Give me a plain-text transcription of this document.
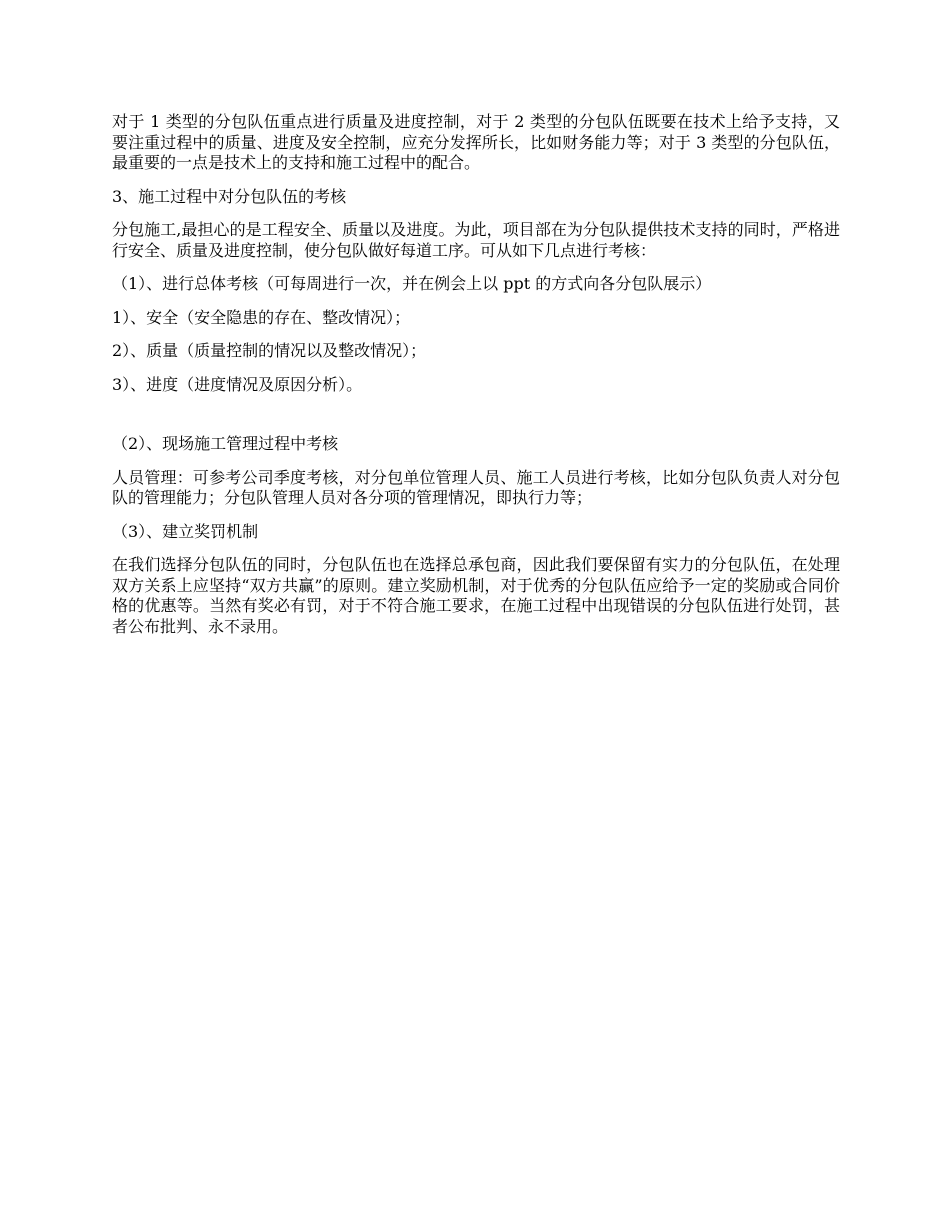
对于 1 类型的分包队伍重点进行质量及进度控制，对于 2 类型的分包队伍既要在技术上给予支持，又要注重过程中的质量、进度及安全控制，应充分发挥所长，比如财务能力等；对于 3 类型的分包队伍，最重要的一点是技术上的支持和施工过程中的配合。

3、施工过程中对分包队伍的考核

分包施工,最担心的是工程安全、质量以及进度。为此，项目部在为分包队提供技术支持的同时，严格进行安全、质量及进度控制，使分包队做好每道工序。可从如下几点进行考核：

（1）、进行总体考核（可每周进行一次，并在例会上以 ppt 的方式向各分包队展示）

1）、安全（安全隐患的存在、整改情况）；

2）、质量（质量控制的情况以及整改情况）；

3）、进度（进度情况及原因分析）。

（2）、现场施工管理过程中考核

人员管理：可参考公司季度考核，对分包单位管理人员、施工人员进行考核，比如分包队负责人对分包队的管理能力；分包队管理人员对各分项的管理情况，即执行力等；

（3）、建立奖罚机制

在我们选择分包队伍的同时，分包队伍也在选择总承包商，因此我们要保留有实力的分包队伍，在处理双方关系上应坚持“双方共赢”的原则。建立奖励机制，对于优秀的分包队伍应给予一定的奖励或合同价格的优惠等。当然有奖必有罚，对于不符合施工要求，在施工过程中出现错误的分包队伍进行处罚，甚者公布批判、永不录用。
